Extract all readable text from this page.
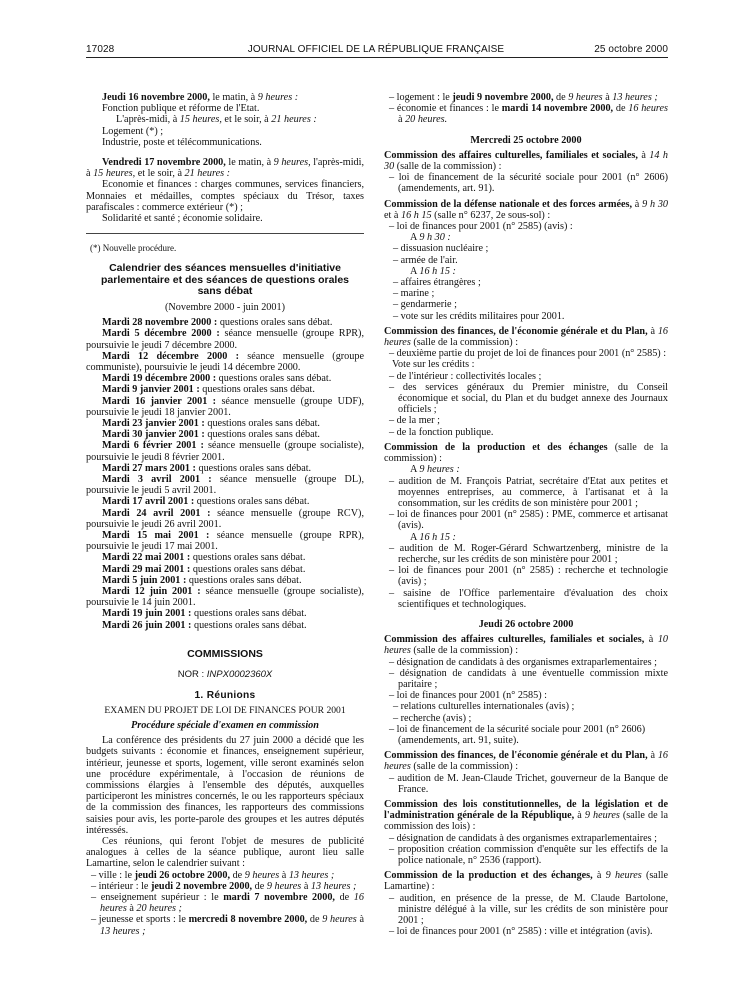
17028	JOURNAL OFFICIEL DE LA RÉPUBLIQUE FRANÇAISE	25 octobre 2000

Jeudi 16 novembre 2000, le matin, à 9 heures :

Fonction publique et réforme de l'Etat.

L'après-midi, à 15 heures, et le soir, à 21 heures :

Logement (*) ;

Industrie, poste et télécommunications.

Vendredi 17 novembre 2000, le matin, à 9 heures, l'après-midi, à 15 heures, et le soir, à 21 heures :

Economie et finances : charges communes, services financiers, Monnaies et médailles, comptes spéciaux du Trésor, taxes parafiscales : commerce extérieur (*) ;

Solidarité et santé ; économie solidaire.

(*) Nouvelle procédure.

Calendrier des séances mensuelles d'initiative parlementaire et des séances de questions orales sans débat

(Novembre 2000 - juin 2001)

Mardi 28 novembre 2000 : questions orales sans débat.

Mardi 5 décembre 2000 : séance mensuelle (groupe RPR), poursuivie le jeudi 7 décembre 2000.

Mardi 12 décembre 2000 : séance mensuelle (groupe communiste), poursuivie le jeudi 14 décembre 2000.

Mardi 19 décembre 2000 : questions orales sans débat.

Mardi 9 janvier 2001 : questions orales sans débat.

Mardi 16 janvier 2001 : séance mensuelle (groupe UDF), poursuivie le jeudi 18 janvier 2001.

Mardi 23 janvier 2001 : questions orales sans débat.

Mardi 30 janvier 2001 : questions orales sans débat.

Mardi 6 février 2001 : séance mensuelle (groupe socialiste), poursuivie le jeudi 8 février 2001.

Mardi 27 mars 2001 : questions orales sans débat.

Mardi 3 avril 2001 : séance mensuelle (groupe DL), poursuivie le jeudi 5 avril 2001.

Mardi 17 avril 2001 : questions orales sans débat.

Mardi 24 avril 2001 : séance mensuelle (groupe RCV), poursuivie le jeudi 26 avril 2001.

Mardi 15 mai 2001 : séance mensuelle (groupe RPR), poursuivie le jeudi 17 mai 2001.

Mardi 22 mai 2001 : questions orales sans débat.

Mardi 29 mai 2001 : questions orales sans débat.

Mardi 5 juin 2001 : questions orales sans débat.

Mardi 12 juin 2001 : séance mensuelle (groupe socialiste), poursuivie le 14 juin 2001.

Mardi 19 juin 2001 : questions orales sans débat.

Mardi 26 juin 2001 : questions orales sans débat.

COMMISSIONS

NOR : INPX0002360X

1. Réunions

EXAMEN DU PROJET DE LOI DE FINANCES POUR 2001

Procédure spéciale d'examen en commission

La conférence des présidents du 27 juin 2000 a décidé que les budgets suivants : économie et finances, enseignement supérieur, intérieur, jeunesse et sports, logement, ville seront examinés selon une procédure expérimentale, à l'occasion de réunions de commissions élargies à l'ensemble des députés, auxquelles participeront les ministres concernés, le ou les rapporteurs spéciaux de la commission des finances, les rapporteurs des commissions saisies pour avis, les porte-parole des groupes et les autres députés intéressés.

Ces réunions, qui feront l'objet de mesures de publicité analogues à celles de la séance publique, auront lieu salle Lamartine, selon le calendrier suivant :

– ville : le jeudi 26 octobre 2000, de 9 heures à 13 heures ;

– intérieur : le jeudi 2 novembre 2000, de 9 heures à 13 heures ;

– enseignement supérieur : le mardi 7 novembre 2000, de 16 heures à 20 heures ;

– jeunesse et sports : le mercredi 8 novembre 2000, de 9 heures à 13 heures ;

– logement : le jeudi 9 novembre 2000, de 9 heures à 13 heures ;

– économie et finances : le mardi 14 novembre 2000, de 16 heures à 20 heures.

Mercredi 25 octobre 2000

Commission des affaires culturelles, familiales et sociales, à 14 h 30 (salle de la commission) :

– loi de financement de la sécurité sociale pour 2001 (n° 2606) (amendements, art. 91).

Commission de la défense nationale et des forces armées, à 9 h 30 et à 16 h 15 (salle n° 6237, 2e sous-sol) :

– loi de finances pour 2001 (n° 2585) (avis) :

A 9 h 30 :

– dissuasion nucléaire ;

– armée de l'air.

A 16 h 15 :

– affaires étrangères ;

– marine ;

– gendarmerie ;

– vote sur les crédits militaires pour 2001.

Commission des finances, de l'économie générale et du Plan, à 16 heures (salle de la commission) :

– deuxième partie du projet de loi de finances pour 2001 (n° 2585) :

Vote sur les crédits :

– de l'intérieur : collectivités locales ;

– des services généraux du Premier ministre, du Conseil économique et social, du Plan et du budget annexe des Journaux officiels ;

– de la mer ;

– de la fonction publique.

Commission de la production et des échanges (salle de la commission) :

A 9 heures :

– audition de M. François Patriat, secrétaire d'Etat aux petites et moyennes entreprises, au commerce, à l'artisanat et à la consommation, sur les crédits de son ministère pour 2001 ;

– loi de finances pour 2001 (n° 2585) : PME, commerce et artisanat (avis).

A 16 h 15 :

– audition de M. Roger-Gérard Schwartzenberg, ministre de la recherche, sur les crédits de son ministère pour 2001 ;

– loi de finances pour 2001 (n° 2585) : recherche et technologie (avis) ;

– saisine de l'Office parlementaire d'évaluation des choix scientifiques et technologiques.

Jeudi 26 octobre 2000

Commission des affaires culturelles, familiales et sociales, à 10 heures (salle de la commission) :

– désignation de candidats à des organismes extraparlementaires ;

– désignation de candidats à une éventuelle commission mixte paritaire ;

– loi de finances pour 2001 (n° 2585) :

– relations culturelles internationales (avis) ;

– recherche (avis) ;

– loi de financement de la sécurité sociale pour 2001 (n° 2606) (amendements, art. 91, suite).

Commission des finances, de l'économie générale et du Plan, à 16 heures (salle de la commission) :

– audition de M. Jean-Claude Trichet, gouverneur de la Banque de France.

Commission des lois constitutionnelles, de la législation et de l'administration générale de la République, à 9 heures (salle de la commission des lois) :

– désignation de candidats à des organismes extraparlementaires ;

– proposition création commission d'enquête sur les effectifs de la police nationale, n° 2536 (rapport).

Commission de la production et des échanges, à 9 heures (salle Lamartine) :

– audition, en présence de la presse, de M. Claude Bartolone, ministre délégué à la ville, sur les crédits de son ministère pour 2001 ;

– loi de finances pour 2001 (n° 2585) : ville et intégration (avis).
